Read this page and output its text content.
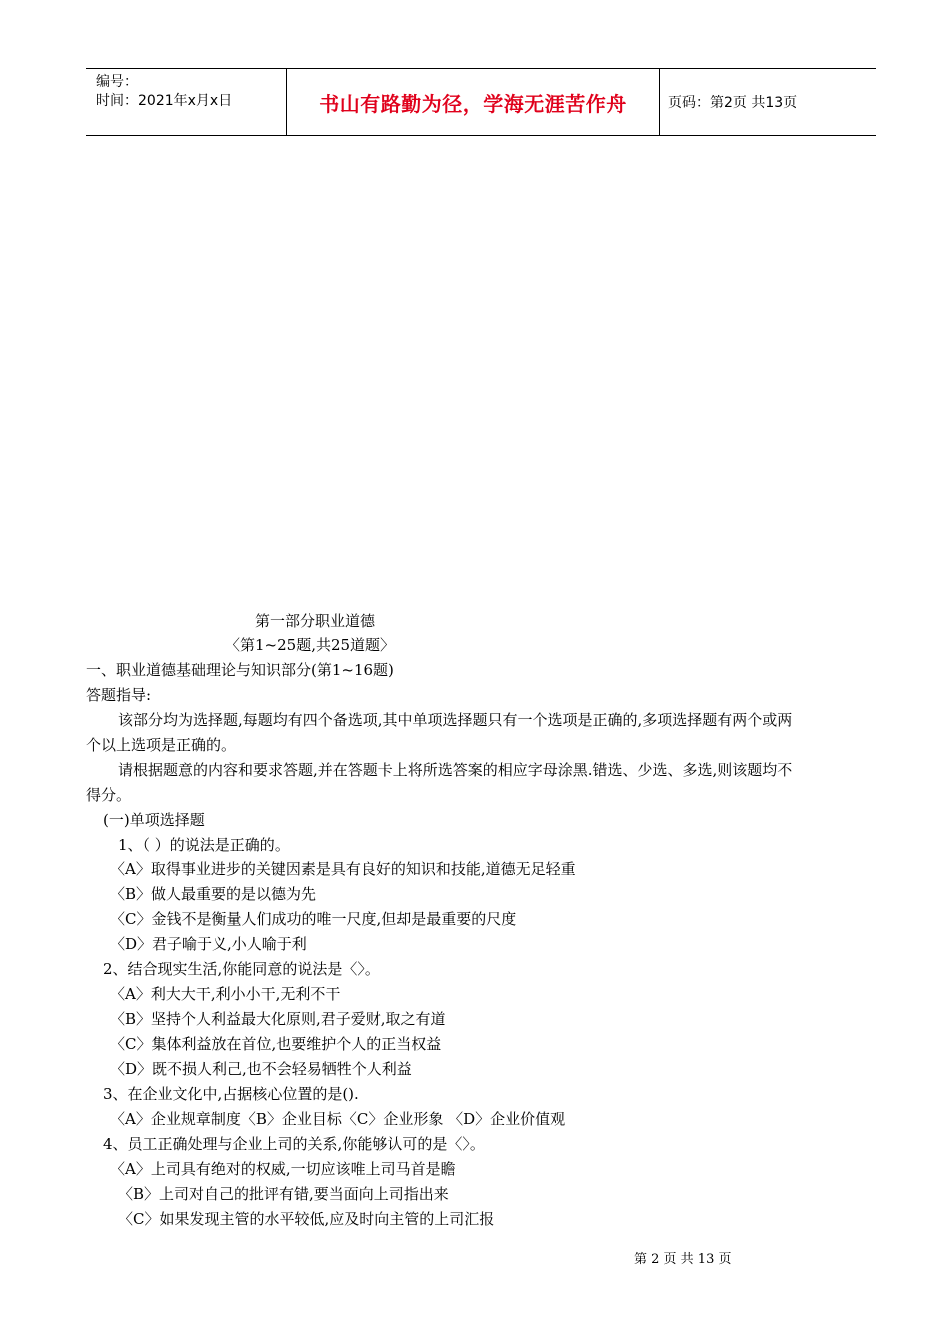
编号：
时间：2021年x月x日	书山有路勤为径，学海无涯苦作舟	页码：第2页 共13页
第一部分职业道德
〈第1~25题,共25道题〉
一、职业道德基础理论与知识部分(第1~16题)
答题指导:
该部分均为选择题,每题均有四个备选项,其中单项选择题只有一个选项是正确的,多项选择题有两个或两
个以上选项是正确的。
请根据题意的内容和要求答题,并在答题卡上将所选答案的相应字母涂黑.错选、少选、多选,则该题均不
得分。
(一)单项选择题
1、（ ）的说法是正确的。
〈A〉取得事业进步的关键因素是具有良好的知识和技能,道德无足轻重
〈B〉做人最重要的是以德为先
〈C〉金钱不是衡量人们成功的唯一尺度,但却是最重要的尺度
〈D〉君子喻于义,小人喻于利
2、结合现实生活,你能同意的说法是〈〉。
〈A〉利大大干,利小小干,无利不干
〈B〉坚持个人利益最大化原则,君子爱财,取之有道
〈C〉集体利益放在首位,也要维护个人的正当权益
〈D〉既不损人利己,也不会轻易牺牲个人利益
3、在企业文化中,占据核心位置的是().
〈A〉企业规章制度〈B〉企业目标〈C〉企业形象 〈D〉企业价值观
4、员工正确处理与企业上司的关系,你能够认可的是〈〉。
〈A〉上司具有绝对的权威,一切应该唯上司马首是瞻
〈B〉上司对自己的批评有错,要当面向上司指出来
〈C〉如果发现主管的水平较低,应及时向主管的上司汇报
第 2 页 共 13 页
